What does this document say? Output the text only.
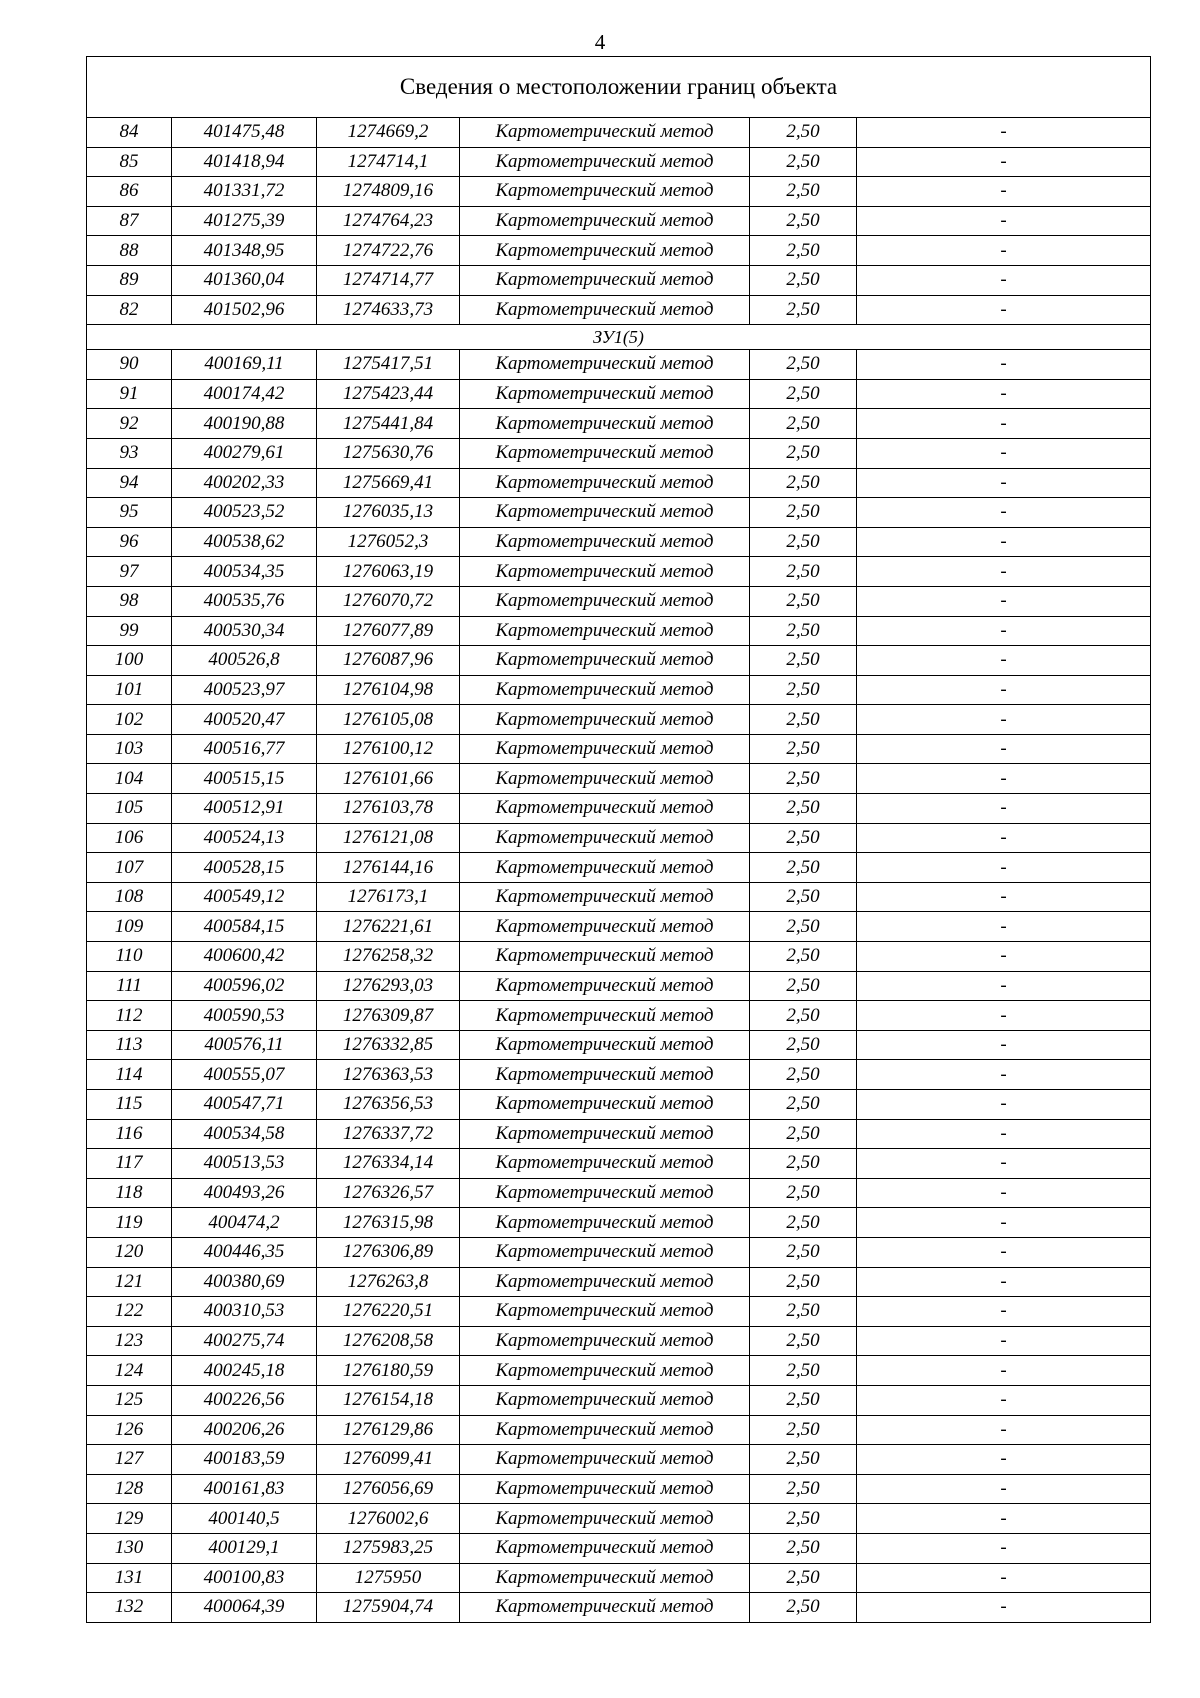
4
Сведения о местоположении границ объекта					
84	401475,48	1274669,2	Картометрический метод	2,50	-
85	401418,94	1274714,1	Картометрический метод	2,50	-
86	401331,72	1274809,16	Картометрический метод	2,50	-
87	401275,39	1274764,23	Картометрический метод	2,50	-
88	401348,95	1274722,76	Картометрический метод	2,50	-
89	401360,04	1274714,77	Картометрический метод	2,50	-
82	401502,96	1274633,73	Картометрический метод	2,50	-
ЗУ1(5)					
90	400169,11	1275417,51	Картометрический метод	2,50	-
91	400174,42	1275423,44	Картометрический метод	2,50	-
92	400190,88	1275441,84	Картометрический метод	2,50	-
93	400279,61	1275630,76	Картометрический метод	2,50	-
94	400202,33	1275669,41	Картометрический метод	2,50	-
95	400523,52	1276035,13	Картометрический метод	2,50	-
96	400538,62	1276052,3	Картометрический метод	2,50	-
97	400534,35	1276063,19	Картометрический метод	2,50	-
98	400535,76	1276070,72	Картометрический метод	2,50	-
99	400530,34	1276077,89	Картометрический метод	2,50	-
100	400526,8	1276087,96	Картометрический метод	2,50	-
101	400523,97	1276104,98	Картометрический метод	2,50	-
102	400520,47	1276105,08	Картометрический метод	2,50	-
103	400516,77	1276100,12	Картометрический метод	2,50	-
104	400515,15	1276101,66	Картометрический метод	2,50	-
105	400512,91	1276103,78	Картометрический метод	2,50	-
106	400524,13	1276121,08	Картометрический метод	2,50	-
107	400528,15	1276144,16	Картометрический метод	2,50	-
108	400549,12	1276173,1	Картометрический метод	2,50	-
109	400584,15	1276221,61	Картометрический метод	2,50	-
110	400600,42	1276258,32	Картометрический метод	2,50	-
111	400596,02	1276293,03	Картометрический метод	2,50	-
112	400590,53	1276309,87	Картометрический метод	2,50	-
113	400576,11	1276332,85	Картометрический метод	2,50	-
114	400555,07	1276363,53	Картометрический метод	2,50	-
115	400547,71	1276356,53	Картометрический метод	2,50	-
116	400534,58	1276337,72	Картометрический метод	2,50	-
117	400513,53	1276334,14	Картометрический метод	2,50	-
118	400493,26	1276326,57	Картометрический метод	2,50	-
119	400474,2	1276315,98	Картометрический метод	2,50	-
120	400446,35	1276306,89	Картометрический метод	2,50	-
121	400380,69	1276263,8	Картометрический метод	2,50	-
122	400310,53	1276220,51	Картометрический метод	2,50	-
123	400275,74	1276208,58	Картометрический метод	2,50	-
124	400245,18	1276180,59	Картометрический метод	2,50	-
125	400226,56	1276154,18	Картометрический метод	2,50	-
126	400206,26	1276129,86	Картометрический метод	2,50	-
127	400183,59	1276099,41	Картометрический метод	2,50	-
128	400161,83	1276056,69	Картометрический метод	2,50	-
129	400140,5	1276002,6	Картометрический метод	2,50	-
130	400129,1	1275983,25	Картометрический метод	2,50	-
131	400100,83	1275950	Картометрический метод	2,50	-
132	400064,39	1275904,74	Картометрический метод	2,50	-
